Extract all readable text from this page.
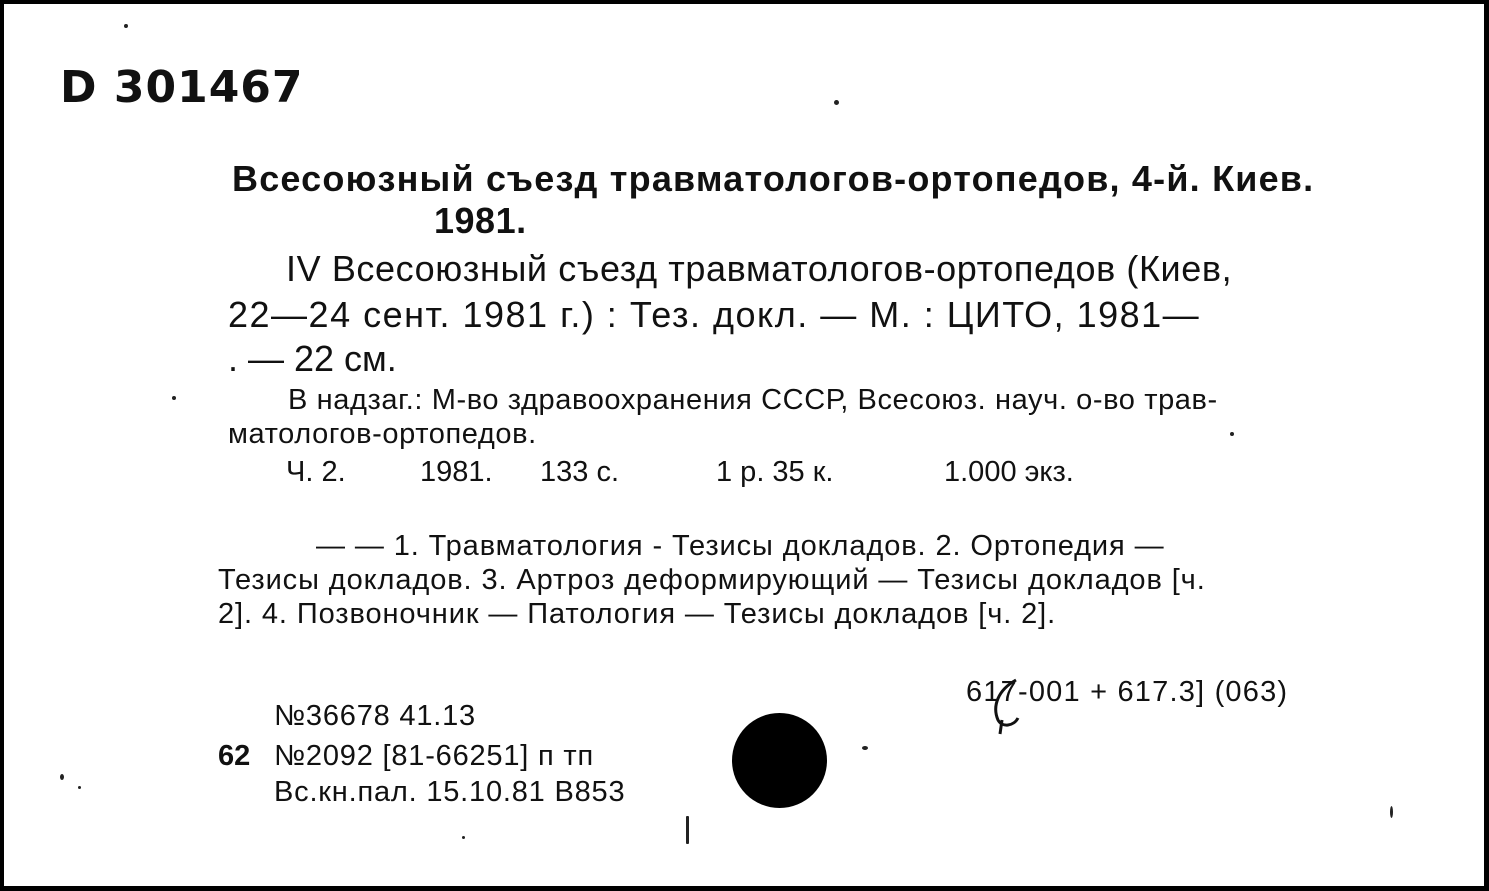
D 301467
Всесоюзный съезд травматологов-ортопедов, 4-й. Киев.
1981.
IV Всесоюзный съезд травматологов-ортопедов (Киев,
22—24 сент. 1981 г.) : Тез. докл. — М. : ЦИТО, 1981—
. — 22 см.
В надзаг.: М-во здравоохранения СССР, Всесоюз. науч. о-во трав-
матологов-ортопедов.
Ч. 2.	1981. 133 с.	1 р. 35 к.	1.000 экз.
— — 1. Травматология - Тезисы докладов. 2. Ортопедия —
Тезисы докладов. 3. Артроз деформирующий — Тезисы докладов [ч.
2]. 4. Позвоночник — Патология — Тезисы докладов [ч. 2].
617-001 + 617.3] (063)
№36678 41.13
62 №2092 [81-66251] п тп
Вс.кн.пал. 15.10.81 В853
